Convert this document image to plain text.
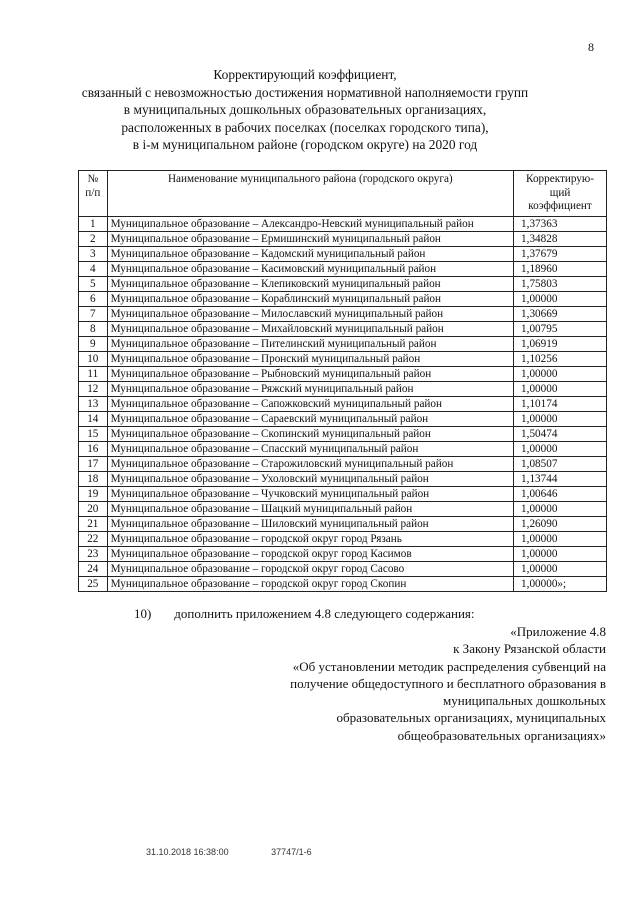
8
Корректирующий коэффициент,
связанный с невозможностью достижения нормативной наполняемости групп
в муниципальных дошкольных образовательных организациях,
расположенных в рабочих поселках (поселках городского типа),
в i-м муниципальном районе (городском округе) на 2020 год
№ п/п	Наименование муниципального района (городского округа)	Корректирую-щий коэффициент
1	Муниципальное образование – Александро-Невский муниципальный район	1,37363
2	Муниципальное образование – Ермишинский муниципальный район	1,34828
3	Муниципальное образование – Кадомский муниципальный район	1,37679
4	Муниципальное образование – Касимовский муниципальный район	1,18960
5	Муниципальное образование – Клепиковский муниципальный район	1,75803
6	Муниципальное образование – Кораблинский муниципальный район	1,00000
7	Муниципальное образование – Милославский муниципальный район	1,30669
8	Муниципальное образование – Михайловский муниципальный район	1,00795
9	Муниципальное образование – Пителинский муниципальный район	1,06919
10	Муниципальное образование – Пронский муниципальный район	1,10256
11	Муниципальное образование – Рыбновский муниципальный район	1,00000
12	Муниципальное образование – Ряжский муниципальный район	1,00000
13	Муниципальное образование – Сапожковский муниципальный район	1,10174
14	Муниципальное образование – Сараевский муниципальный район	1,00000
15	Муниципальное образование – Скопинский муниципальный район	1,50474
16	Муниципальное образование – Спасский муниципальный район	1,00000
17	Муниципальное образование – Старожиловский муниципальный район	1,08507
18	Муниципальное образование – Ухоловский муниципальный район	1,13744
19	Муниципальное образование – Чучковский муниципальный район	1,00646
20	Муниципальное образование – Шацкий муниципальный район	1,00000
21	Муниципальное образование – Шиловский муниципальный район	1,26090
22	Муниципальное образование – городской округ город Рязань	1,00000
23	Муниципальное образование – городской округ город Касимов	1,00000
24	Муниципальное образование – городской округ город Сасово	1,00000
25	Муниципальное образование – городской округ город Скопин	1,00000»;
10) дополнить приложением 4.8 следующего содержания:
«Приложение 4.8
к Закону Рязанской области
«Об установлении методик распределения субвенций на
получение общедоступного и бесплатного образования в
муниципальных дошкольных
образовательных организациях, муниципальных
общеобразовательных организациях»
31.10.2018 16:38:00	37747/1-6
